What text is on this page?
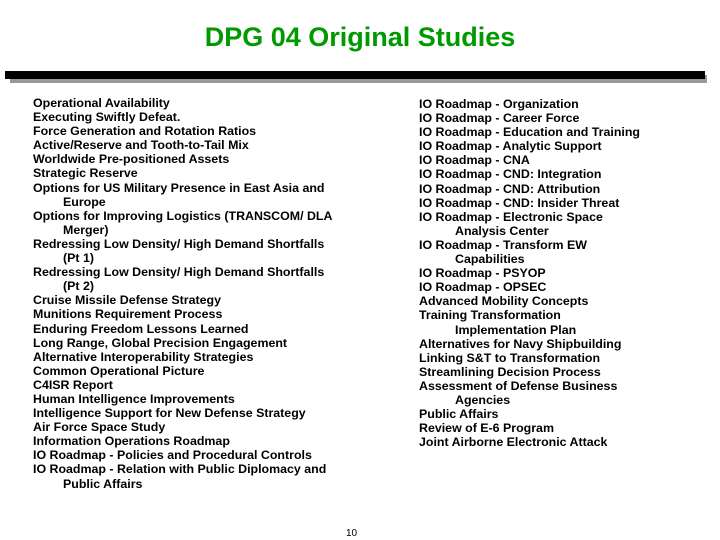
DPG 04 Original Studies
Operational Availability
Executing Swiftly Defeat.
Force Generation and Rotation Ratios
Active/Reserve and Tooth-to-Tail Mix
Worldwide Pre-positioned Assets
Strategic Reserve
Options for US Military Presence in East Asia and
Europe
Options for Improving Logistics (TRANSCOM/ DLA
Merger)
Redressing Low Density/ High Demand Shortfalls
(Pt 1)
Redressing Low Density/ High Demand Shortfalls
(Pt 2)
Cruise Missile Defense Strategy
Munitions Requirement Process
Enduring Freedom Lessons Learned
Long Range, Global Precision Engagement
Alternative Interoperability Strategies
Common Operational Picture
C4ISR Report
Human Intelligence Improvements
Intelligence Support for New Defense Strategy
Air Force Space Study
Information Operations Roadmap
IO Roadmap - Policies and Procedural Controls
IO Roadmap - Relation with Public Diplomacy and
Public Affairs
IO Roadmap - Organization
IO Roadmap - Career Force
IO Roadmap - Education and Training
IO Roadmap - Analytic Support
IO Roadmap - CNA
IO Roadmap - CND: Integration
IO Roadmap - CND: Attribution
IO Roadmap - CND: Insider Threat
IO Roadmap - Electronic Space
Analysis Center
IO Roadmap - Transform EW
Capabilities
IO Roadmap - PSYOP
IO Roadmap - OPSEC
Advanced Mobility Concepts
Training Transformation
Implementation Plan
Alternatives for Navy Shipbuilding
Linking S&T to Transformation
Streamlining Decision Process
Assessment of Defense Business
Agencies
Public Affairs
Review of E-6 Program
Joint Airborne Electronic Attack
10
